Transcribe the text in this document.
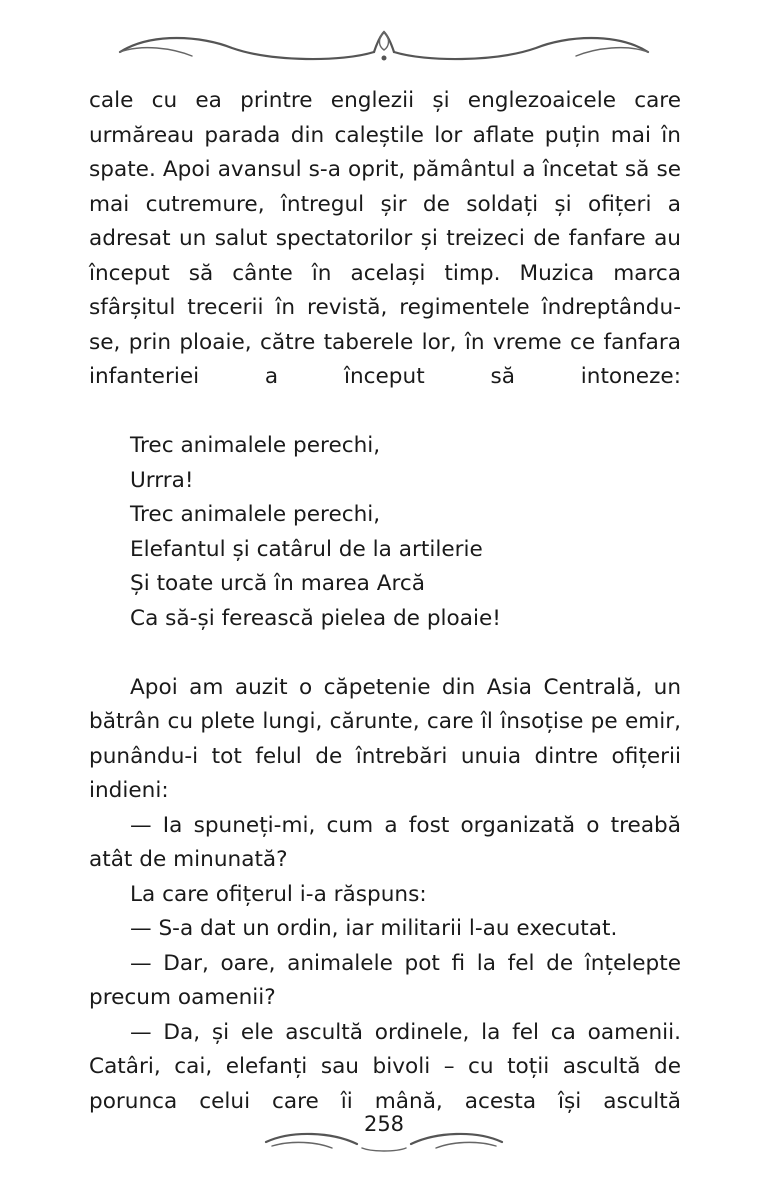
cale cu ea printre englezii și englezoaicele care urmăreau parada din caleștile lor aflate puțin mai în spate. Apoi avansul s-a oprit, pământul a încetat să se mai cutremure, întregul șir de soldați și ofițeri a adresat un salut spectatorilor și treizeci de fanfare au început să cânte în același timp. Muzica marca sfârșitul trecerii în revistă, regimentele îndreptându-se, prin ploaie, către taberele lor, în vreme ce fanfara infanteriei a început să intoneze:

Trec animalele perechi,
Urrra!
Trec animalele perechi,
Elefantul și catârul de la artilerie
Și toate urcă în marea Arcă
Ca să-și ferească pielea de ploaie!

Apoi am auzit o căpetenie din Asia Centrală, un bătrân cu plete lungi, cărunte, care îl însoțise pe emir, punându-i tot felul de întrebări unuia dintre ofițerii indieni:

— Ia spuneți-mi, cum a fost organizată o treabă atât de minunată?

La care ofițerul i-a răspuns:

— S-a dat un ordin, iar militarii l-au executat.

— Dar, oare, animalele pot fi la fel de înțelepte precum oamenii?

— Da, și ele ascultă ordinele, la fel ca oamenii. Catâri, cai, elefanți sau bivoli – cu toții ascultă de porunca celui care îi mână, acesta își ascultă

258
